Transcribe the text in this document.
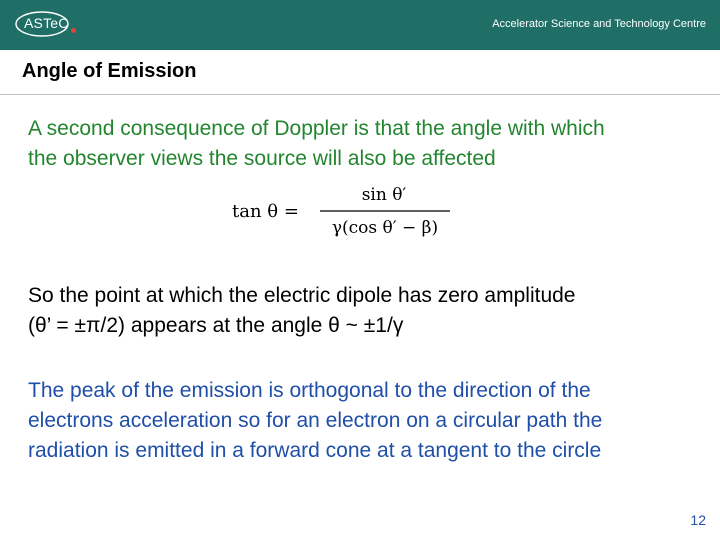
ASTeC	Accelerator Science and Technology Centre
Angle of Emission
A second consequence of Doppler is that the angle with which
the observer views the source will also be affected
tan θ =
sin θ′
γ(cos θ′ − β)
So the point at which the electric dipole has zero amplitude
(θ’ = ±π/2) appears at the angle θ ~ ±1/γ
The peak of the emission is orthogonal to the direction of the
electrons acceleration so for an electron on a circular path the
radiation is emitted in a forward cone at a tangent to the circle
12
